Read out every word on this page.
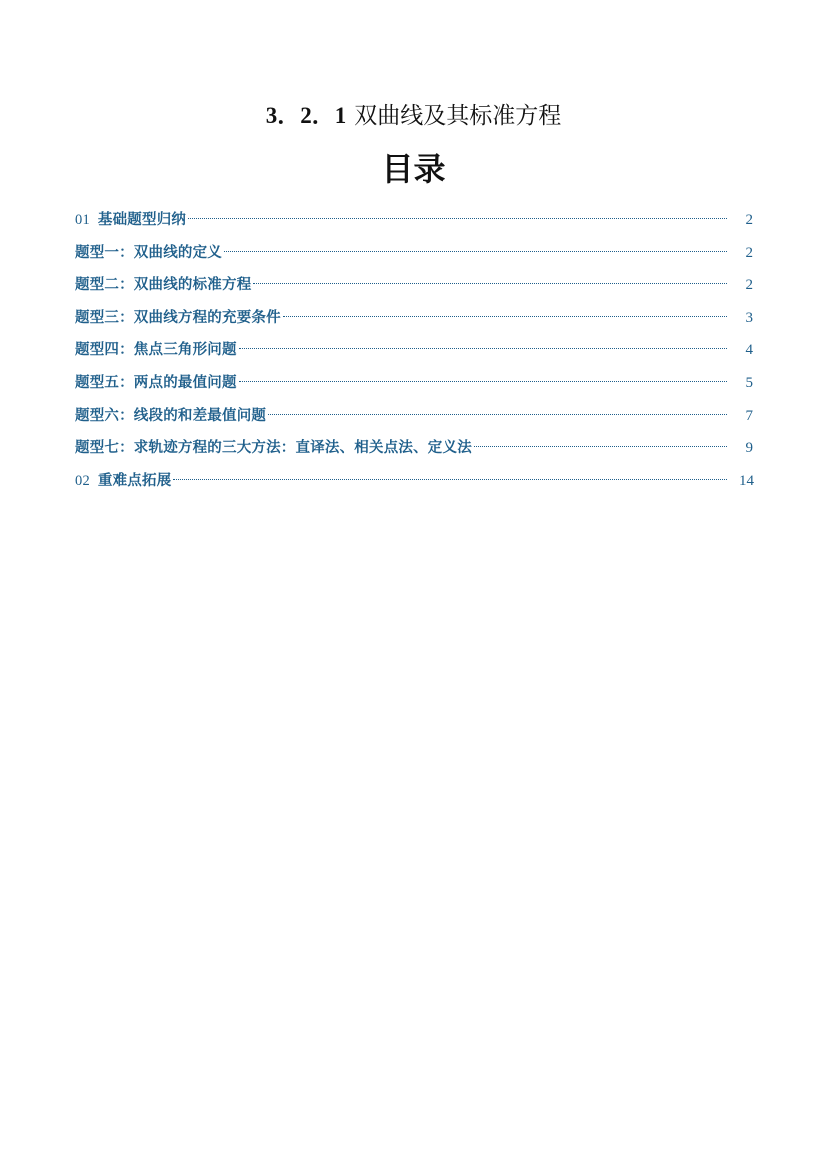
3．2．1 双曲线及其标准方程
目录
01 基础题型归纳	2
题型一：双曲线的定义	2
题型二：双曲线的标准方程	2
题型三：双曲线方程的充要条件	3
题型四：焦点三角形问题	4
题型五：两点的最值问题	5
题型六：线段的和差最值问题	7
题型七：求轨迹方程的三大方法：直译法、相关点法、定义法	9
02 重难点拓展	14
